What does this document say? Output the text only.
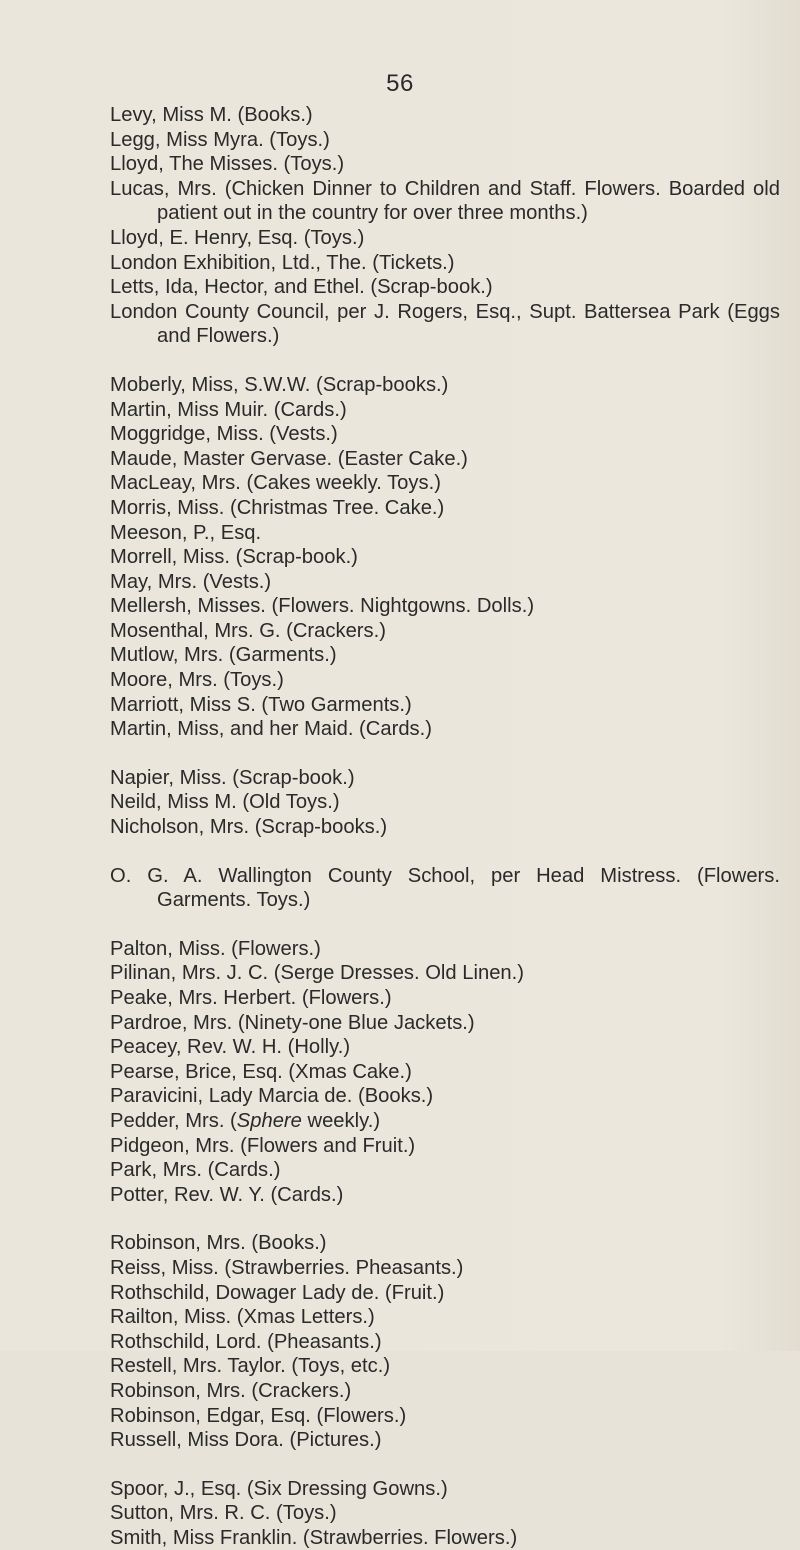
56
Levy, Miss M. (Books.)
Legg, Miss Myra. (Toys.)
Lloyd, The Misses. (Toys.)
Lucas, Mrs. (Chicken Dinner to Children and Staff. Flowers. Boarded old patient out in the country for over three months.)
Lloyd, E. Henry, Esq. (Toys.)
London Exhibition, Ltd., The. (Tickets.)
Letts, Ida, Hector, and Ethel. (Scrap-book.)
London County Council, per J. Rogers, Esq., Supt. Battersea Park (Eggs and Flowers.)
Moberly, Miss, S.W.W. (Scrap-books.)
Martin, Miss Muir. (Cards.)
Moggridge, Miss. (Vests.)
Maude, Master Gervase. (Easter Cake.)
MacLeay, Mrs. (Cakes weekly. Toys.)
Morris, Miss. (Christmas Tree. Cake.)
Meeson, P., Esq.
Morrell, Miss. (Scrap-book.)
May, Mrs. (Vests.)
Mellersh, Misses. (Flowers. Nightgowns. Dolls.)
Mosenthal, Mrs. G. (Crackers.)
Mutlow, Mrs. (Garments.)
Moore, Mrs. (Toys.)
Marriott, Miss S. (Two Garments.)
Martin, Miss, and her Maid. (Cards.)
Napier, Miss. (Scrap-book.)
Neild, Miss M. (Old Toys.)
Nicholson, Mrs. (Scrap-books.)
O. G. A. Wallington County School, per Head Mistress. (Flowers. Garments. Toys.)
Palton, Miss. (Flowers.)
Pilinan, Mrs. J. C. (Serge Dresses. Old Linen.)
Peake, Mrs. Herbert. (Flowers.)
Pardroe, Mrs. (Ninety-one Blue Jackets.)
Peacey, Rev. W. H. (Holly.)
Pearse, Brice, Esq. (Xmas Cake.)
Paravicini, Lady Marcia de. (Books.)
Pedder, Mrs. (Sphere weekly.)
Pidgeon, Mrs. (Flowers and Fruit.)
Park, Mrs. (Cards.)
Potter, Rev. W. Y. (Cards.)
Robinson, Mrs. (Books.)
Reiss, Miss. (Strawberries. Pheasants.)
Rothschild, Dowager Lady de. (Fruit.)
Railton, Miss. (Xmas Letters.)
Rothschild, Lord. (Pheasants.)
Restell, Mrs. Taylor. (Toys, etc.)
Robinson, Mrs. (Crackers.)
Robinson, Edgar, Esq. (Flowers.)
Russell, Miss Dora. (Pictures.)
Spoor, J., Esq. (Six Dressing Gowns.)
Sutton, Mrs. R. C. (Toys.)
Smith, Miss Franklin. (Strawberries. Flowers.)
